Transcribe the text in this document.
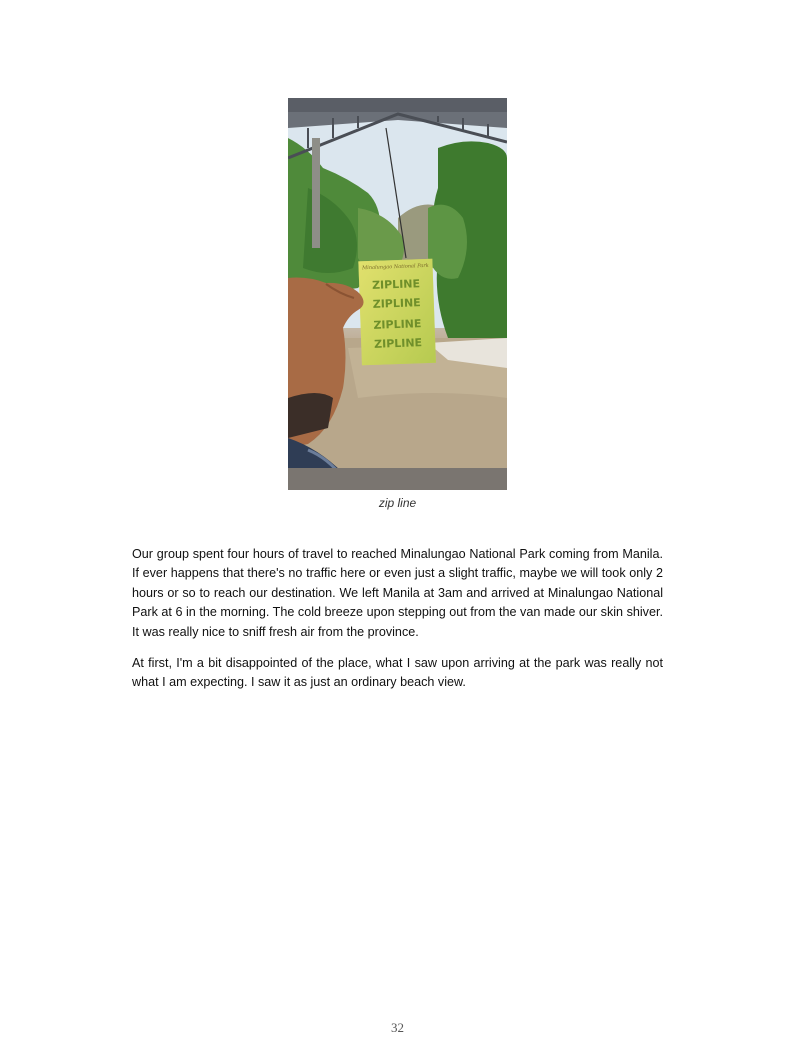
Minalungao National Park
ZIPLINE
ZIPLINE
ZIPLINE
ZIPLINE
zip line

Our group spent four hours of travel to reached Minalungao National Park coming from Manila. If ever happens that there's no traffic here or even just a slight traffic, maybe we will took only 2 hours or so to reach our destination. We left Manila at 3am and arrived at Minalungao National Park at 6 in the morning. The cold breeze upon stepping out from the van made our skin shiver. It was really nice to sniff fresh air from the province.

At first, I'm a bit disappointed of the place, what I saw upon arriving at the park was really not what I am expecting. I saw it as just an ordinary beach view.

32
